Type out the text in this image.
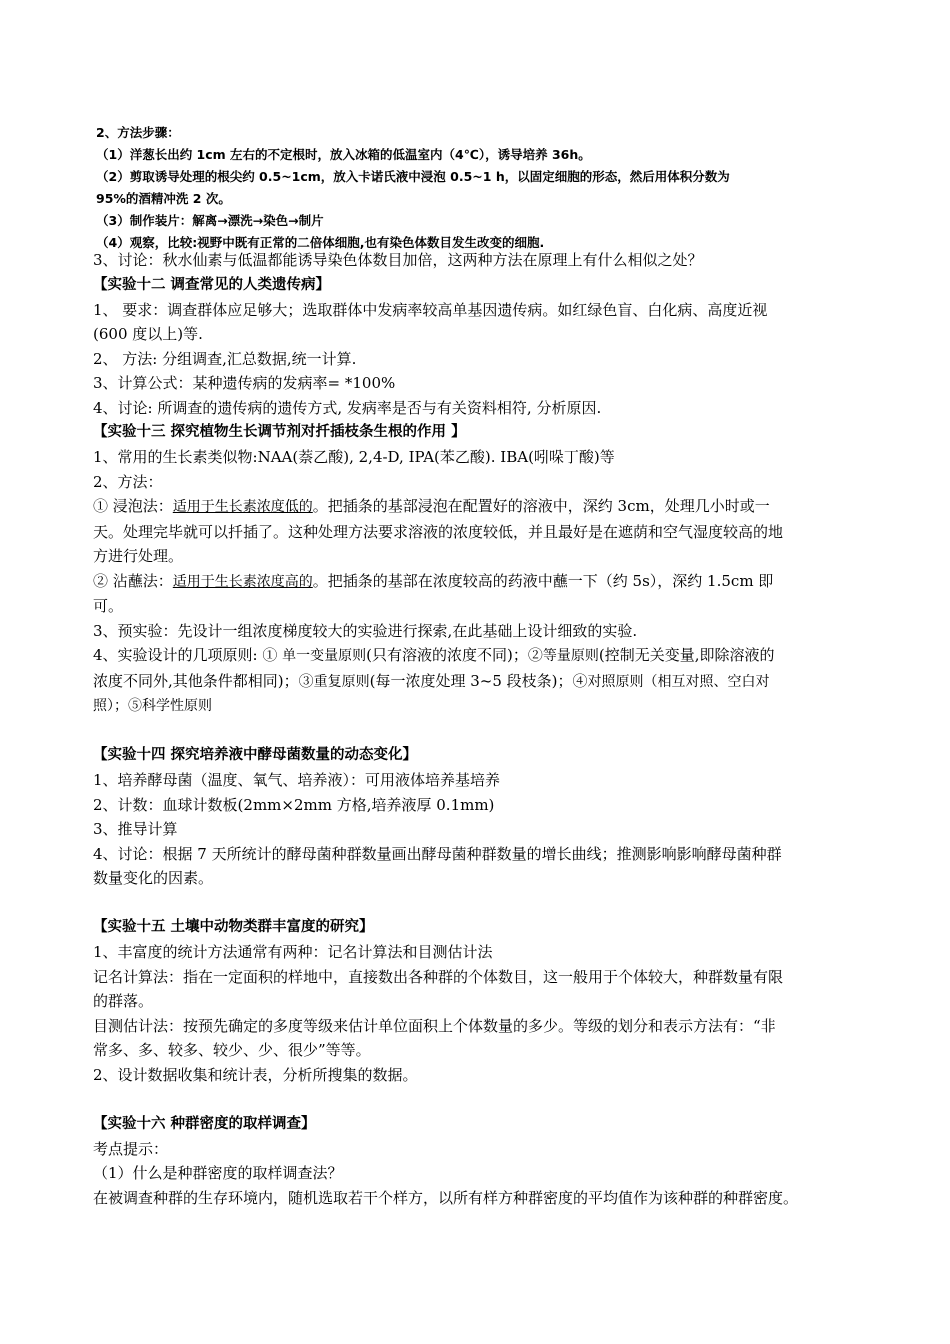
2、方法步骤：
（1）洋葱长出约 1cm 左右的不定根时，放入冰箱的低温室内（4℃），诱导培养 36h。
（2）剪取诱导处理的根尖约 0.5~1cm，放入卡诺氏液中浸泡 0.5~1 h，以固定细胞的形态，然后用体积分数为
95%的酒精冲洗 2 次。
（3）制作装片：解离→漂洗→染色→制片
（4）观察，比较:视野中既有正常的二倍体细胞,也有染色体数目发生改变的细胞.

3、讨论：秋水仙素与低温都能诱导染色体数目加倍，这两种方法在原理上有什么相似之处？

【实验十二 调查常见的人类遗传病】

1、 要求：调查群体应足够大；选取群体中发病率较高单基因遗传病。如红绿色盲、白化病、高度近视

(600 度以上)等.

2、 方法: 分组调查,汇总数据,统一计算.

3、计算公式：某种遗传病的发病率= *100%

4、讨论: 所调查的遗传病的遗传方式, 发病率是否与有关资料相符, 分析原因.

【实验十三 探究植物生长调节剂对扦插枝条生根的作用 】

1、常用的生长素类似物:NAA(萘乙酸), 2,4-D, IPA(苯乙酸). IBA(吲哚丁酸)等

2、方法：

① 浸泡法：适用于生长素浓度低的。把插条的基部浸泡在配置好的溶液中，深约 3cm，处理几小时或一

天。处理完毕就可以扦插了。这种处理方法要求溶液的浓度较低，并且最好是在遮荫和空气湿度较高的地

方进行处理。

② 沾蘸法：适用于生长素浓度高的。把插条的基部在浓度较高的药液中蘸一下（约 5s），深约 1.5cm 即

可。

3、预实验：先设计一组浓度梯度较大的实验进行探索,在此基础上设计细致的实验.

4、实验设计的几项原则: ① 单一变量原则(只有溶液的浓度不同)；②等量原则(控制无关变量,即除溶液的

浓度不同外,其他条件都相同)；③重复原则(每一浓度处理 3~5 段枝条)；④对照原则（相互对照、空白对

照）；⑤科学性原则

【实验十四 探究培养液中酵母菌数量的动态变化】

1、培养酵母菌（温度、氧气、培养液）：可用液体培养基培养

2、计数：血球计数板(2mm×2mm 方格,培养液厚 0.1mm)

3、推导计算

4、讨论：根据 7 天所统计的酵母菌种群数量画出酵母菌种群数量的增长曲线；推测影响影响酵母菌种群

数量变化的因素。

【实验十五 土壤中动物类群丰富度的研究】

1、丰富度的统计方法通常有两种：记名计算法和目测估计法

记名计算法：指在一定面积的样地中，直接数出各种群的个体数目，这一般用于个体较大，种群数量有限

的群落。

目测估计法：按预先确定的多度等级来估计单位面积上个体数量的多少。等级的划分和表示方法有：“非

常多、多、较多、较少、少、很少”等等。

2、设计数据收集和统计表，分析所搜集的数据。

【实验十六 种群密度的取样调查】

考点提示：

（1）什么是种群密度的取样调查法？

在被调查种群的生存环境内，随机选取若干个样方，以所有样方种群密度的平均值作为该种群的种群密度。
